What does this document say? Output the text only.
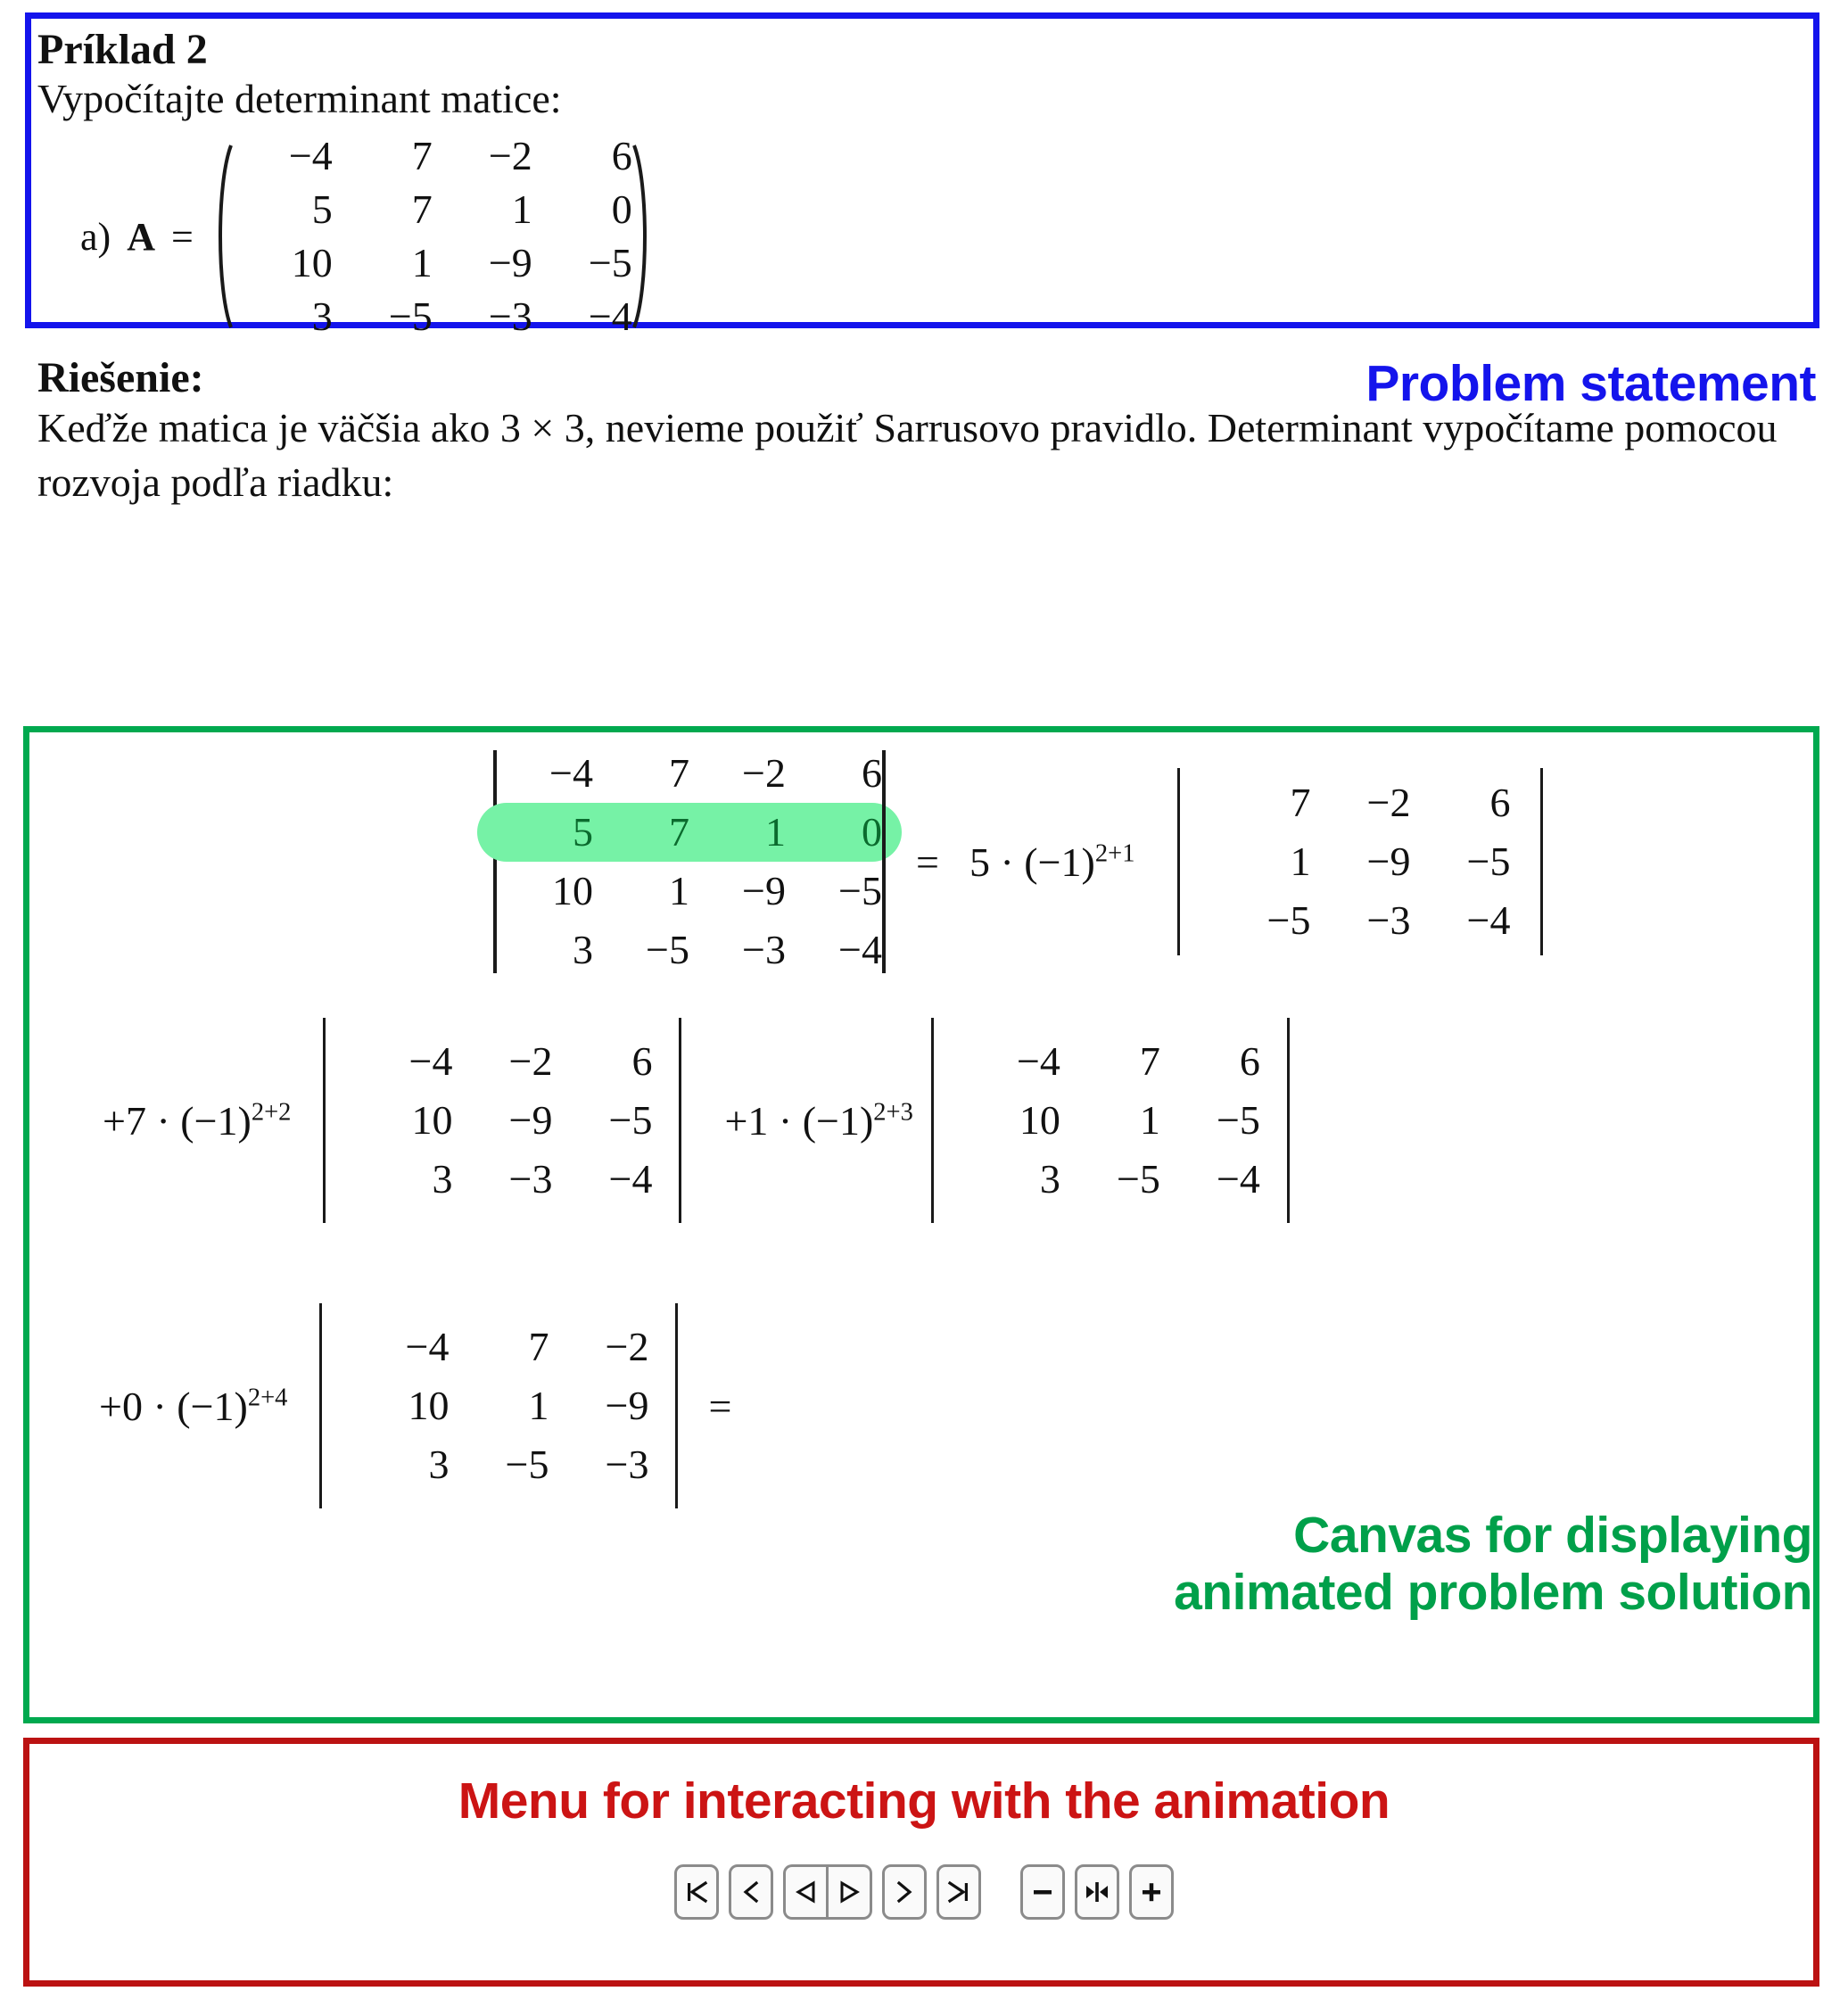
Príklad 2
Vypočítajte determinant matice:
a) A =
−4	7	−2	6
5	7	1	0
10	1	−9	−5
3	−5	−3	−4
Problem statement
Riešenie:
Keďže matica je väčšia ako 3 × 3, nevieme použiť Sarrusovo pravidlo. Determinant vypočítame pomocou rozvoja podľa riadku:
−4	7	−2	6
5	7	1	0
10	1	−9	−5
3	−5	−3	−4
= $5 \cdot (-1)^{2+1}$
7	−2	6
1	−9	−5
−5	−3	−4
$+7 \cdot (-1)^{2+2}$
−4	−2	6
10	−9	−5
3	−3	−4
$+1 \cdot (-1)^{2+3}$
−4	7	6
10	1	−5
3	−5	−4
$+0 \cdot (-1)^{2+4}$
−4	7	−2
10	1	−9
3	−5	−3
=
Canvas for displaying
animated problem solution
Menu for interacting with the animation
